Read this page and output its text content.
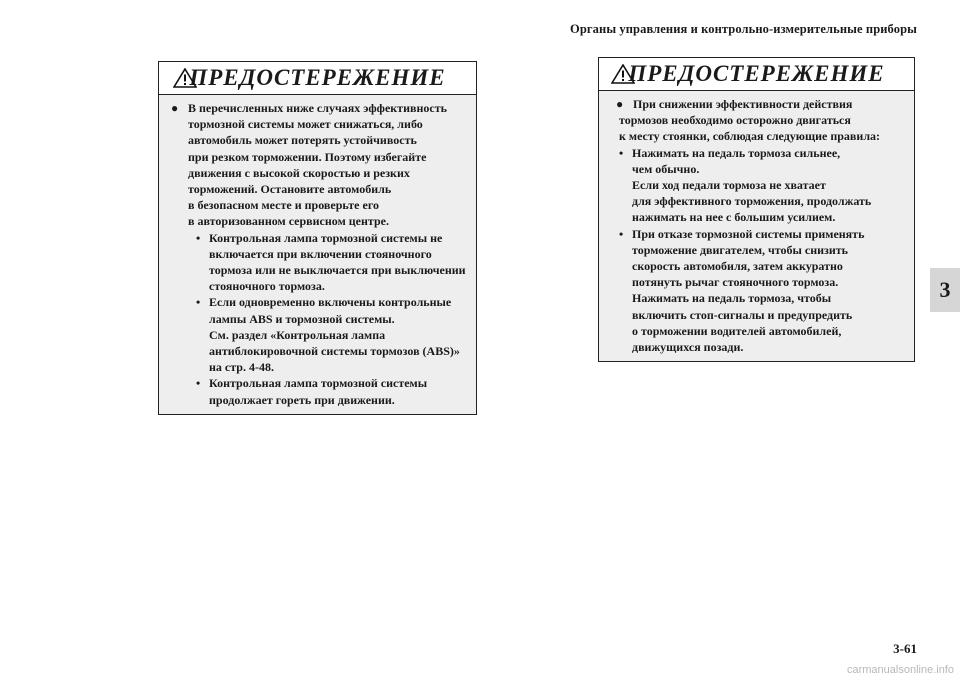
Органы управления и контрольно-измерительные приборы
3
ПРЕДОСТЕРЕЖЕНИЕ
● В перечисленных ниже случаях эффективность
тормозной системы может снижаться, либо
автомобиль может потерять устойчивость
при резком торможении. Поэтому избегайте
движения с высокой скоростью и резких
торможений. Остановите автомобиль
в безопасном месте и проверьте его
в авторизованном сервисном центре.
• Контрольная лампа тормозной системы не
включается при включении стояночного
тормоза или не выключается при выключении
стояночного тормоза.
• Если одновременно включены контрольные
лампы ABS и тормозной системы.
См. раздел «Контрольная лампа
антиблокировочной системы тормозов (ABS)»
на стр. 4-48.
• Контрольная лампа тормозной системы
продолжает гореть при движении.
ПРЕДОСТЕРЕЖЕНИЕ
● При снижении эффективности действия
тормозов необходимо осторожно двигаться
к месту стоянки, соблюдая следующие правила:
• Нажимать на педаль тормоза сильнее,
чем обычно.
Если ход педали тормоза не хватает
для эффективного торможения, продолжать
нажимать на нее с большим усилием.
• При отказе тормозной системы применять
торможение двигателем, чтобы снизить
скорость автомобиля, затем аккуратно
потянуть рычаг стояночного тормоза.
Нажимать на педаль тормоза, чтобы
включить стоп-сигналы и предупредить
о торможении водителей автомобилей,
движущихся позади.
3-61
carmanualsonline.info
